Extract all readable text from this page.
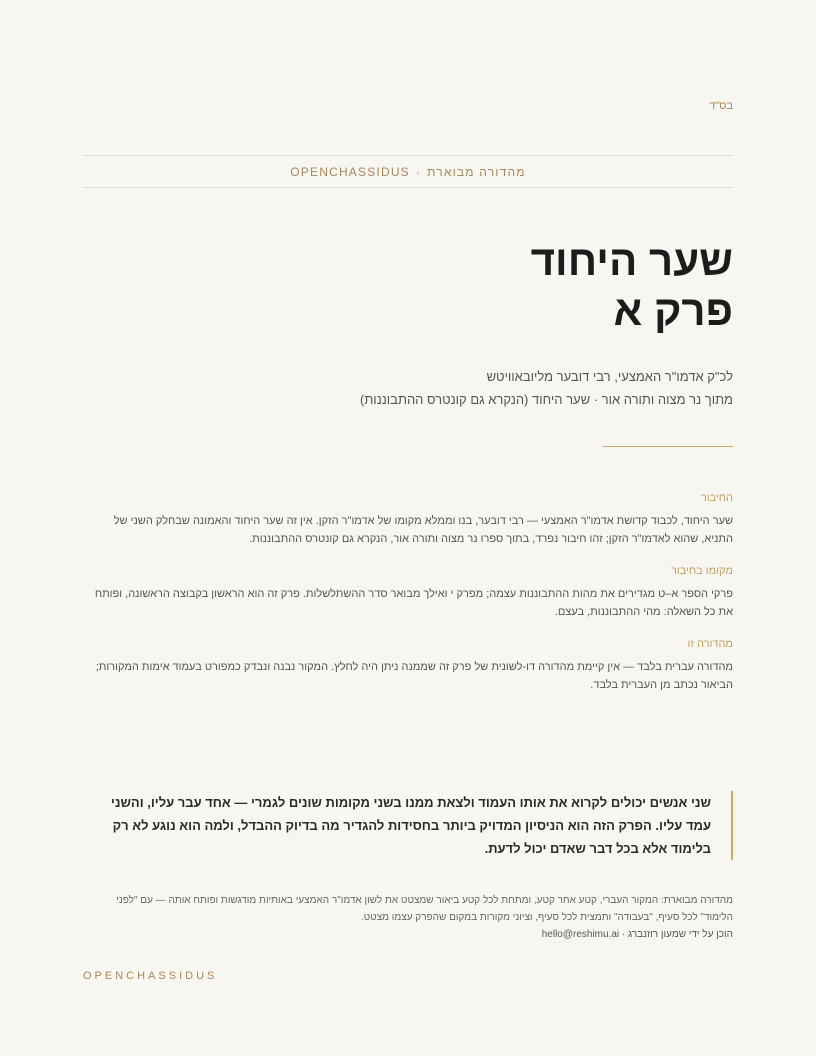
בס"ד
מהדורה מבוארת
·
OPENCHASSIDUS
שער היחוד
פרק א
לכ"ק אדמו"ר האמצעי, רבי דובער מליובאוויטש
מתוך נר מצוה ותורה אור · שער היחוד (הנקרא גם קונטרס ההתבוננות)
החיבור
שער היחוד, לכבוד קדושת אדמו"ר האמצעי — רבי דובער, בנו וממלא מקומו של אדמו"ר הזקן. אין זה שער היחוד והאמונה שבחלק השני של התניא, שהוא לאדמו"ר הזקן; זהו חיבור נפרד, בתוך ספרו נר מצוה ותורה אור, הנקרא גם קונטרס ההתבוננות.
מקומו בחיבור
פרקי הספר א–ט מגדירים את מהות ההתבוננות עצמה; מפרק י ואילך מבואר סדר ההשתלשלות. פרק זה הוא הראשון בקבוצה הראשונה, ופותח את כל השאלה: מהי ההתבוננות, בעצם.
מהדורה זו
מהדורה עברית בלבד — אין קיימת מהדורה דו-לשונית של פרק זה שממנה ניתן היה לחלץ. המקור נבנה ונבדק כמפורט בעמוד אימות המקורות; הביאור נכתב מן העברית בלבד.
שני אנשים יכולים לקרוא את אותו העמוד ולצאת ממנו בשני מקומות שונים לגמרי — אחד עבר עליו, והשני עמד עליו. הפרק הזה הוא הניסיון המדויק ביותר בחסידות להגדיר מה בדיוק ההבדל, ולמה הוא נוגע לא רק בלימוד אלא בכל דבר שאדם יכול לדעת.
מהדורה מבוארת: המקור העברי, קטע אחר קטע, ומתחת לכל קטע ביאור שמצטט את לשון אדמו"ר האמצעי באותיות מודגשות ופותח אותה — עם "לפני הלימוד" לכל סעיף, "בעבודה" ותמצית לכל סעיף, וציוני מקורות במקום שהפרק עצמו מצטט.
הוכן על ידי שמעון רוזנברג · hello@reshimu.ai
OPENCHASSIDUS
